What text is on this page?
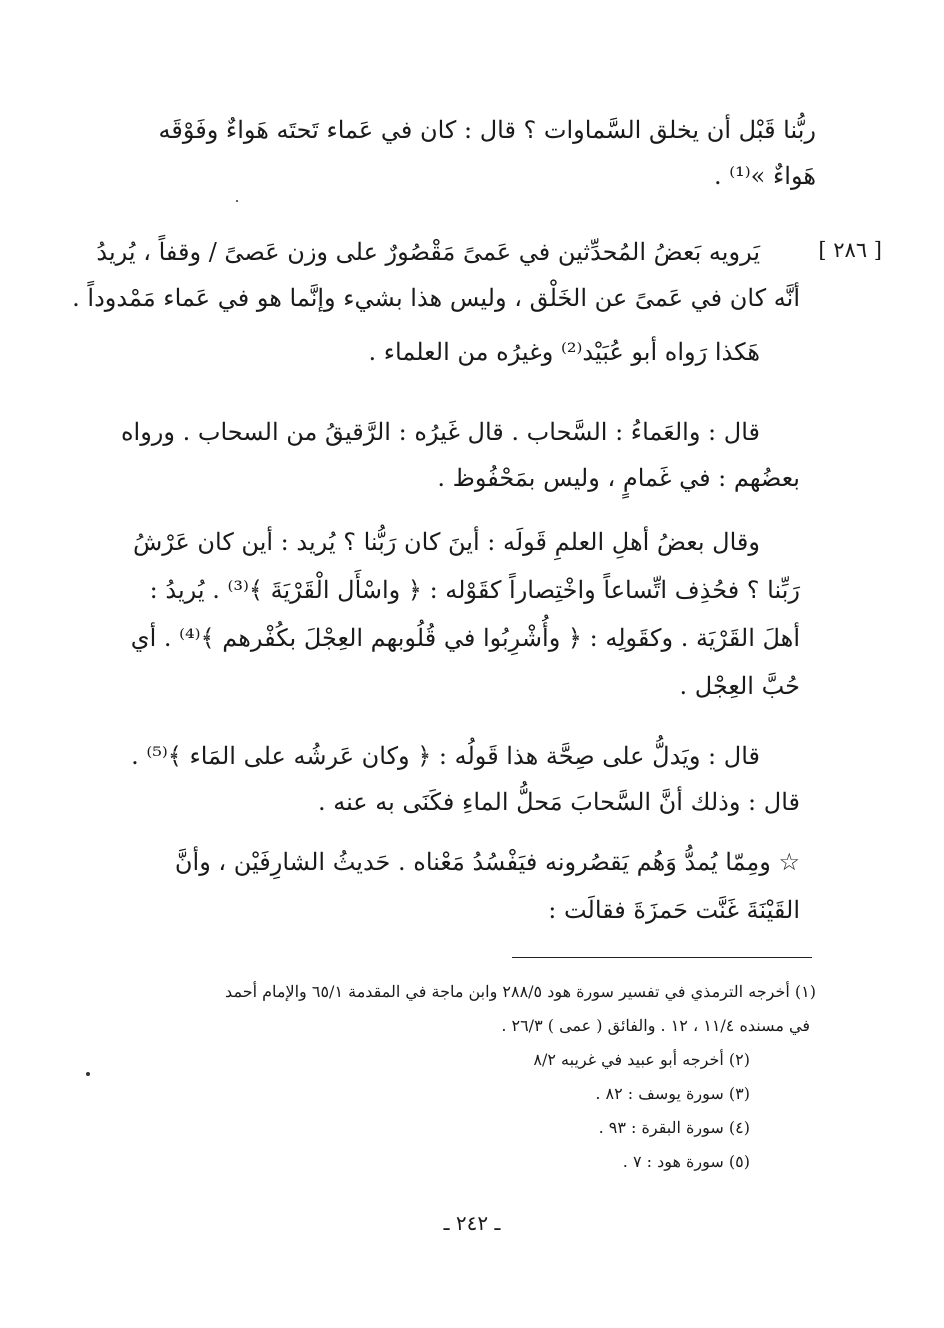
ربُّنا قَبْل أن يخلق السَّماوات ؟ قال : كان في عَماء تَحتَه هَواءٌ وفَوْقَه
هَواءٌ »⁽¹⁾ .
[ ٢٨٦ ]
يَرويه بَعضُ المُحدِّثين في عَمىً مَقْصُورٌ على وزن عَصىً / وقفاً ، يُريدُ
أنَّه كان في عَمىً عن الخَلْق ، وليس هذا بشيء وإنَّما هو في عَماء مَمْدوداً .
هَكذا رَواه أبو عُبَيْد⁽²⁾ وغيرُه من العلماء .
قال : والعَماءُ : السَّحاب . قال غَيرُه : الرَّقيقُ من السحاب . ورواه
بعضُهم : في غَمامٍ ، وليس بمَحْفُوظ .
وقال بعضُ أهلِ العلمِ قَولَه : أينَ كان رَبُّنا ؟ يُريد : أين كان عَرْشُ
رَبِّنا ؟ فحُذِف اتِّساعاً واخْتِصاراً كقَوْله : ﴿ واسْأَل الْقَرْيَةَ ﴾⁽³⁾ . يُريدُ :
أهلَ القَرْيَة . وكقَولِه : ﴿ وأُشْرِبُوا في قُلُوبهم العِجْلَ بكُفْرهم ﴾⁽⁴⁾ . أي
حُبَّ العِجْل .
قال : ويَدلُّ على صِحَّة هذا قَولُه : ﴿ وكان عَرشُه على المَاء ﴾⁽⁵⁾ .
قال : وذلك أنَّ السَّحابَ مَحلُّ الماءِ فكَنَى به عنه .
☆ ومِمّا يُمدُّ وَهُم يَقصُرونه فيَفْسُدُ مَعْناه . حَديثُ الشارِفَيْن ، وأنَّ
القَيْنَةَ غَنَّت حَمزَةَ فقالَت :
(١) أخرجه الترمذي في تفسير سورة هود ٢٨٨/٥ وابن ماجة في المقدمة ٦٥/١ والإمام أحمد
في مسنده ١١/٤ ، ١٢ . والفائق ( عمى ) ٢٦/٣ .
(٢) أخرجه أبو عبيد في غريبه ٨/٢
(٣) سورة يوسف : ٨٢ .
(٤) سورة البقرة : ٩٣ .
(٥) سورة هود : ٧ .
ـ ٢٤٢ ـ
